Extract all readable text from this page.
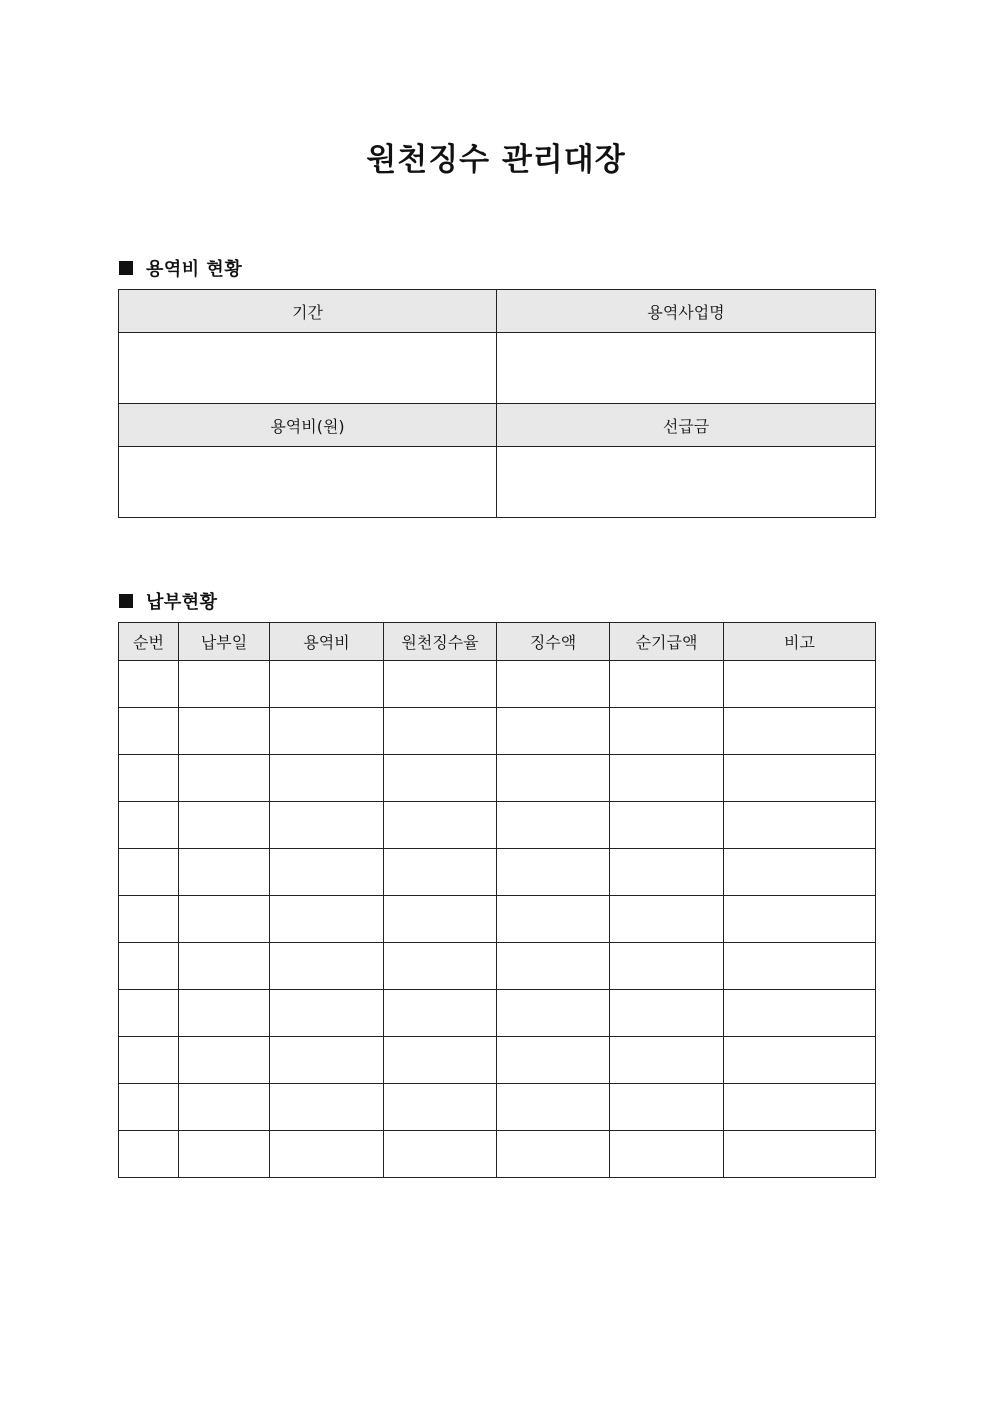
원천징수 관리대장
용역비 현황
기간	용역사업명

용역비(원)	선급금

납부현황
순번	납부일	용역비	원천징수율	징수액	순기급액	비고
